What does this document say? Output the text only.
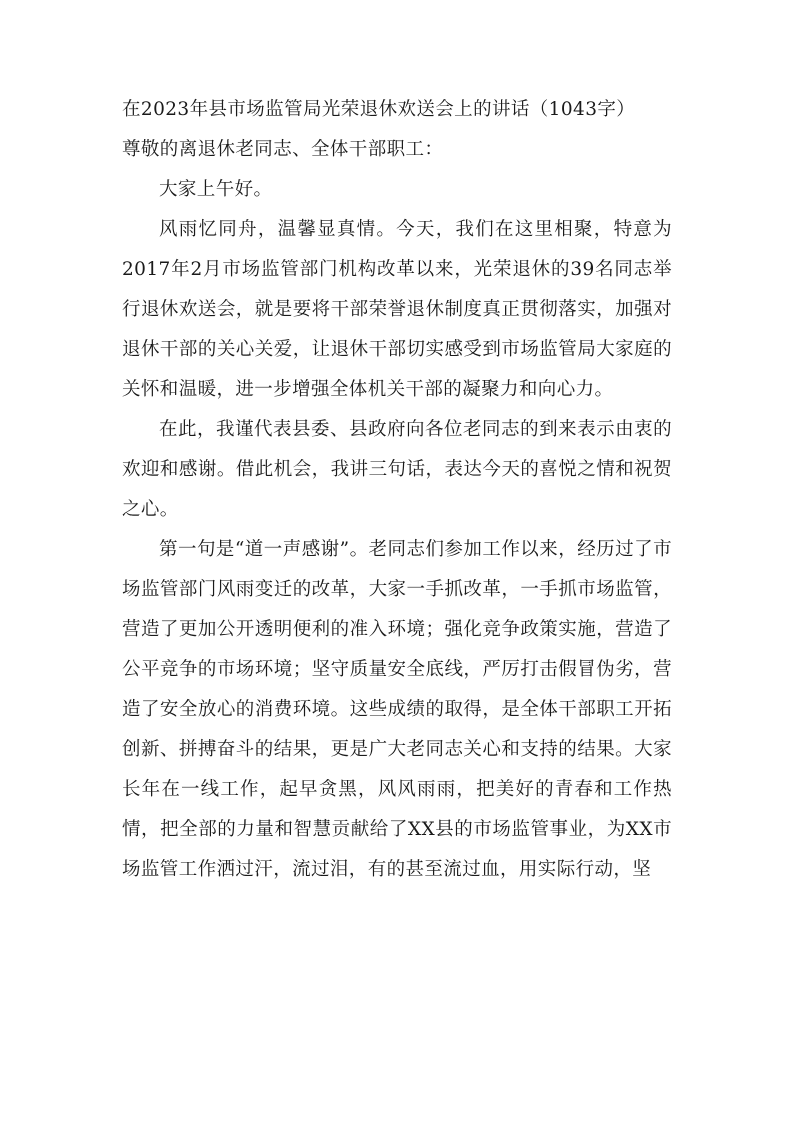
在2023年县市场监管局光荣退休欢送会上的讲话（1043字）

尊敬的离退休老同志、全体干部职工：

大家上午好。

风雨忆同舟，温馨显真情。今天，我们在这里相聚，特意为2017年2月市场监管部门机构改革以来，光荣退休的39名同志举行退休欢送会，就是要将干部荣誉退休制度真正贯彻落实，加强对退休干部的关心关爱，让退休干部切实感受到市场监管局大家庭的关怀和温暖，进一步增强全体机关干部的凝聚力和向心力。

在此，我谨代表县委、县政府向各位老同志的到来表示由衷的欢迎和感谢。借此机会，我讲三句话，表达今天的喜悦之情和祝贺之心。

第一句是“道一声感谢”。老同志们参加工作以来，经历过了市场监管部门风雨变迁的改革，大家一手抓改革，一手抓市场监管，营造了更加公开透明便利的准入环境；强化竞争政策实施，营造了公平竞争的市场环境；坚守质量安全底线，严厉打击假冒伪劣，营造了安全放心的消费环境。这些成绩的取得，是全体干部职工开拓创新、拼搏奋斗的结果，更是广大老同志关心和支持的结果。大家长年在一线工作，起早贪黑，风风雨雨，把美好的青春和工作热情，把全部的力量和智慧贡献给了XX县的市场监管事业，为XX市场监管工作洒过汗，流过泪，有的甚至流过血，用实际行动，坚
